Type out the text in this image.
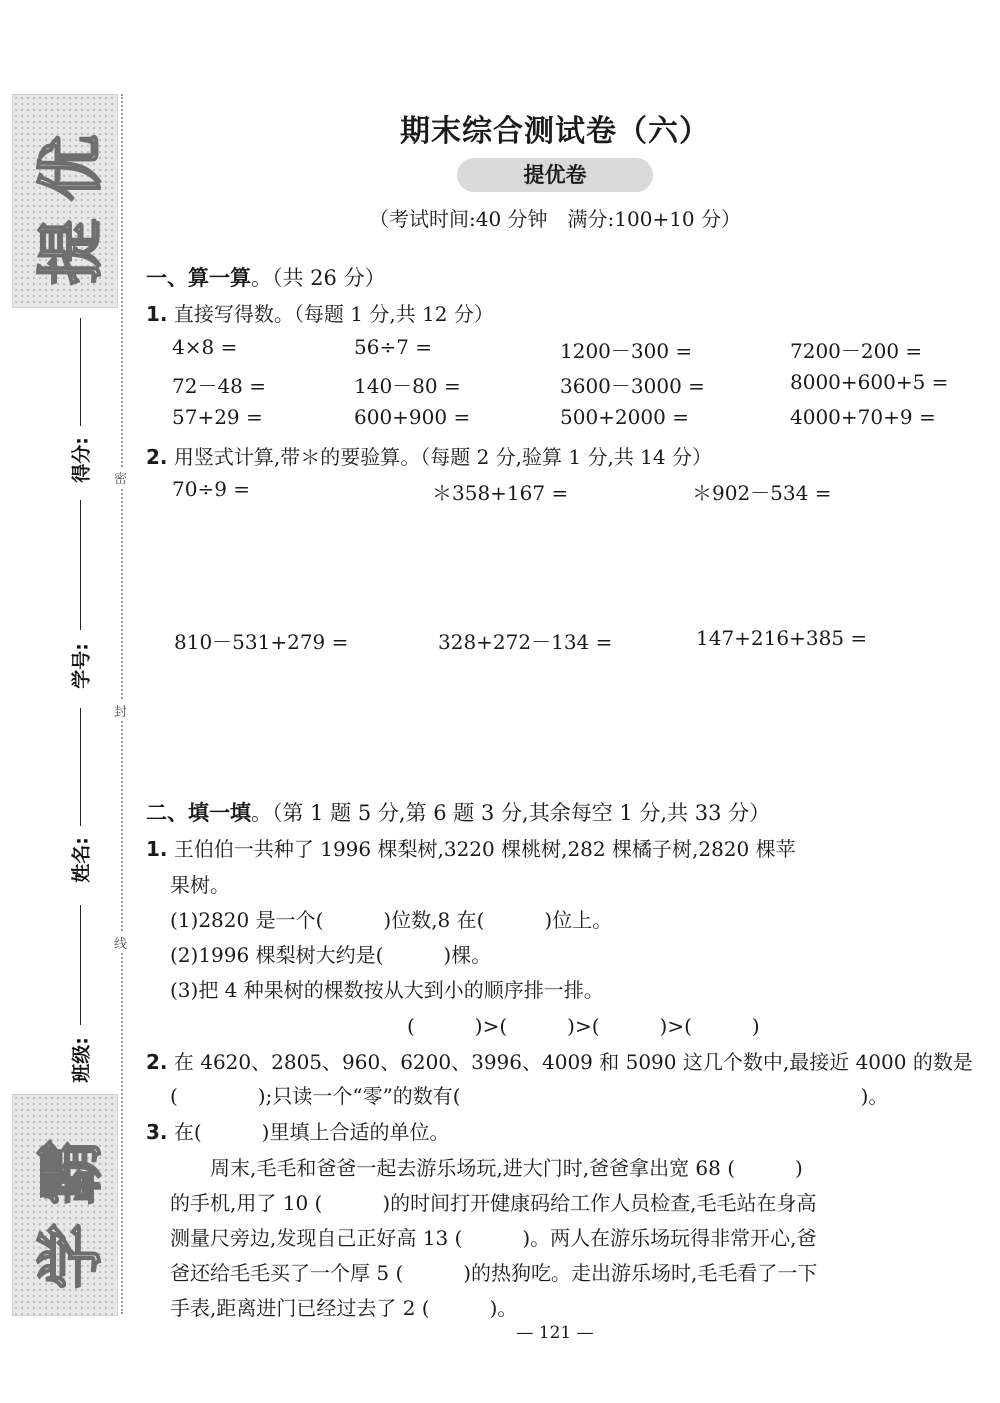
提优
学霸
密
封
线
得分:
学号:
姓名:
班级:
期末综合测试卷（六）
提优卷
（考试时间:40 分钟　满分:100+10 分）
一、算一算。（共 26 分）
1. 直接写得数。（每题 1 分,共 12 分）
4×8 =	56÷7 =	1200－300 =	7200－200 =
72－48 =	140－80 =	3600－3000 =	8000+600+5 =
57+29 =	600+900 =	500+2000 =	4000+70+9 =
2. 用竖式计算,带＊的要验算。（每题 2 分,验算 1 分,共 14 分）
70÷9 =	＊358+167 =	＊902－534 =
810－531+279 =	328+272－134 =	147+216+385 =
二、填一填。（第 1 题 5 分,第 6 题 3 分,其余每空 1 分,共 33 分）
1. 王伯伯一共种了 1996 棵梨树,3220 棵桃树,282 棵橘子树,2820 棵苹
果树。
(1)2820 是一个(　　　)位数,8 在(　　　)位上。
(2)1996 棵梨树大约是(　　　)棵。
(3)把 4 种果树的棵数按从大到小的顺序排一排。
(　　　)>(　　　)>(　　　)>(　　　)
2. 在 4620、2805、960、6200、3996、4009 和 5090 这几个数中,最接近 4000 的数是
(　　　　);只读一个“零”的数有(　　　　　　　　　　　　　　　　　　　　)。
3. 在(　　　)里填上合适的单位。
　　周末,毛毛和爸爸一起去游乐场玩,进大门时,爸爸拿出宽 68 (　　　)
的手机,用了 10 (　　　)的时间打开健康码给工作人员检查,毛毛站在身高
测量尺旁边,发现自己正好高 13 (　　　)。两人在游乐场玩得非常开心,爸
爸还给毛毛买了一个厚 5 (　　　)的热狗吃。走出游乐场时,毛毛看了一下
手表,距离进门已经过去了 2 (　　　)。
— 121 —
